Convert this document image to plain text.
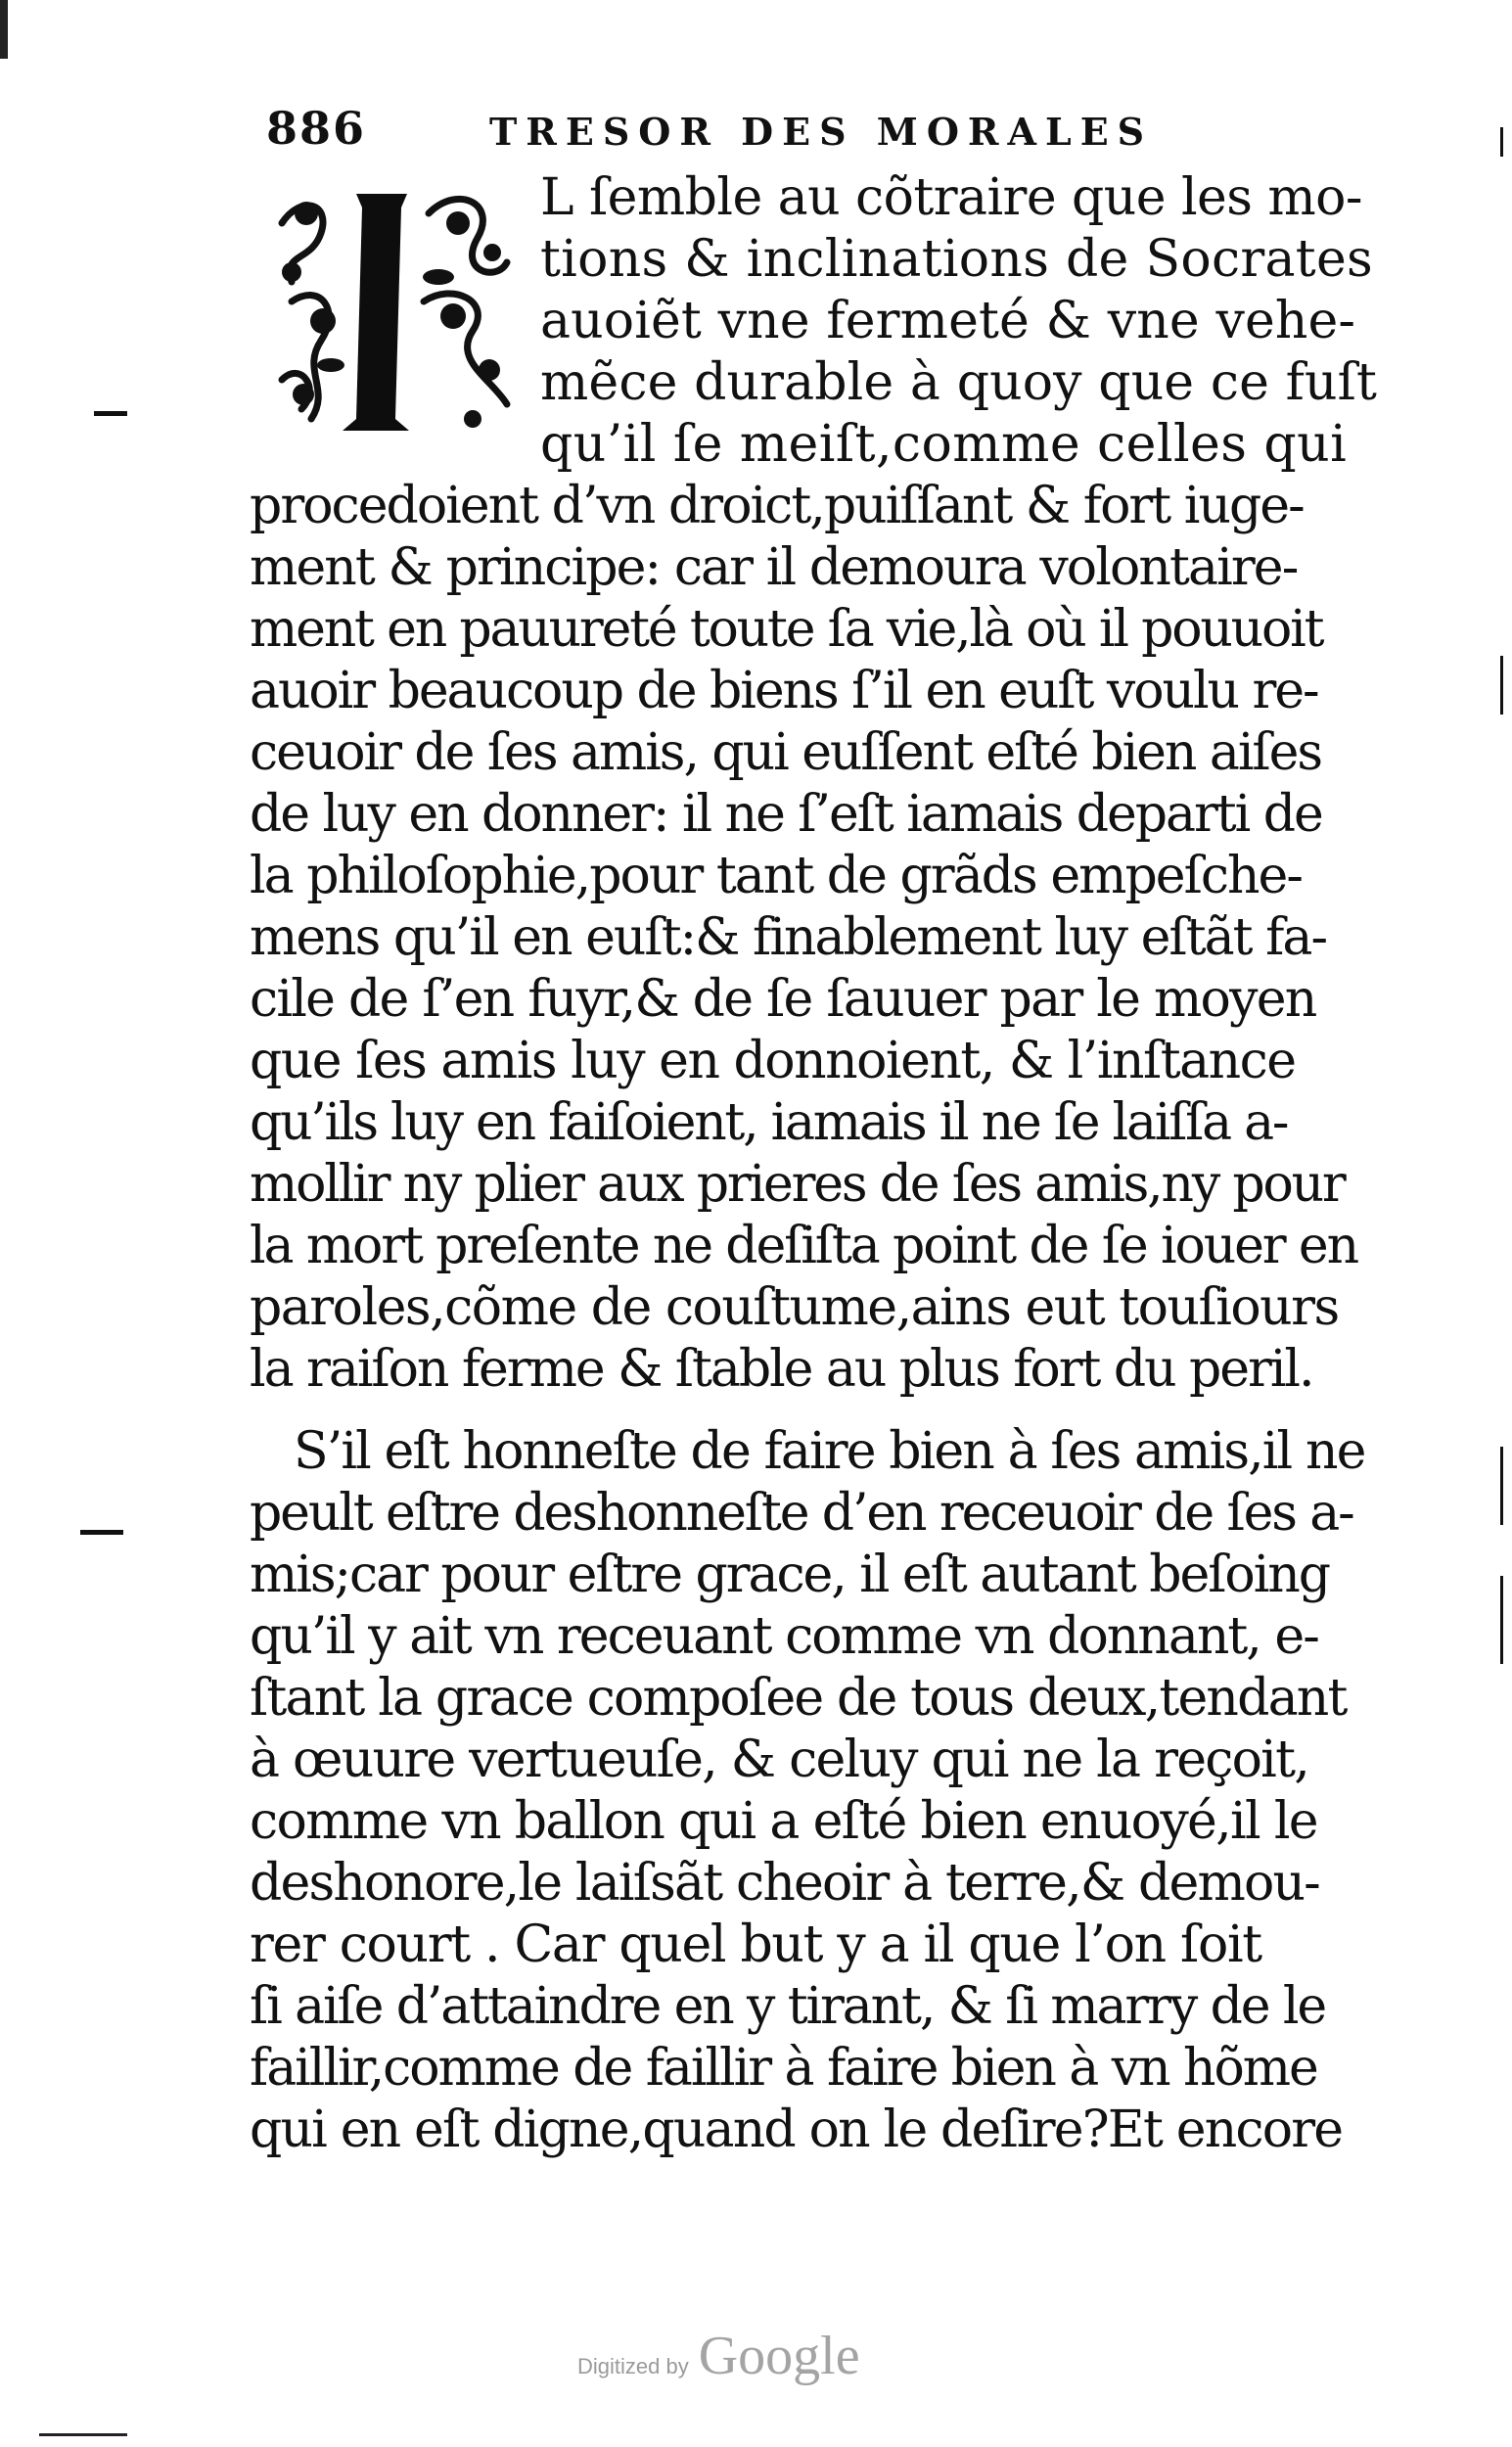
886	TRESOR DES MORALES
L ſemble au cõtraire que les mo-
tions & inclinations de Socrates
auoiẽt vne fermeté & vne vehe-
mẽce durable à quoy que ce fuſt
qu’il ſe meiſt,comme celles qui
procedoient d’vn droict,puiſſant & fort iuge-
ment & principe: car il demoura volontaire-
ment en pauureté toute ſa vie,là où il pouuoit
auoir beaucoup de biens ſ’il en euſt voulu re-
ceuoir de ſes amis, qui euſſent eſté bien aiſes
de luy en donner: il ne ſ’eſt iamais departi de
la philoſophie,pour tant de grãds empeſche-
mens qu’il en euſt:& finablement luy eſtãt fa-
cile de ſ’en fuyr,& de ſe ſauuer par le moyen
que ſes amis luy en donnoient, & l’inſtance
qu’ils luy en faiſoient, iamais il ne ſe laiſſa a-
mollir ny plier aux prieres de ſes amis,ny pour
la mort preſente ne deſiſta point de ſe iouer en
paroles,cõme de couſtume,ains eut touſiours
la raiſon ferme & ſtable au plus fort du peril.
S’il eſt honneſte de faire bien à ſes amis,il ne
peult eſtre deshonneſte d’en receuoir de ſes a-
mis;car pour eſtre grace, il eſt autant beſoing
qu’il y ait vn receuant comme vn donnant, e-
ſtant la grace compoſee de tous deux,tendant
à œuure vertueuſe, & celuy qui ne la reçoit,
comme vn ballon qui a eſté bien enuoyé,il le
deshonore,le laiſsãt cheoir à terre,& demou-
rer court . Car quel but y a il que l’on ſoit
ſi aiſe d’attaindre en y tirant, & ſi marry de le
faillir,comme de faillir à faire bien à vn hõme
qui en eſt digne,quand on le deſire?Et encore
Digitized by Google
